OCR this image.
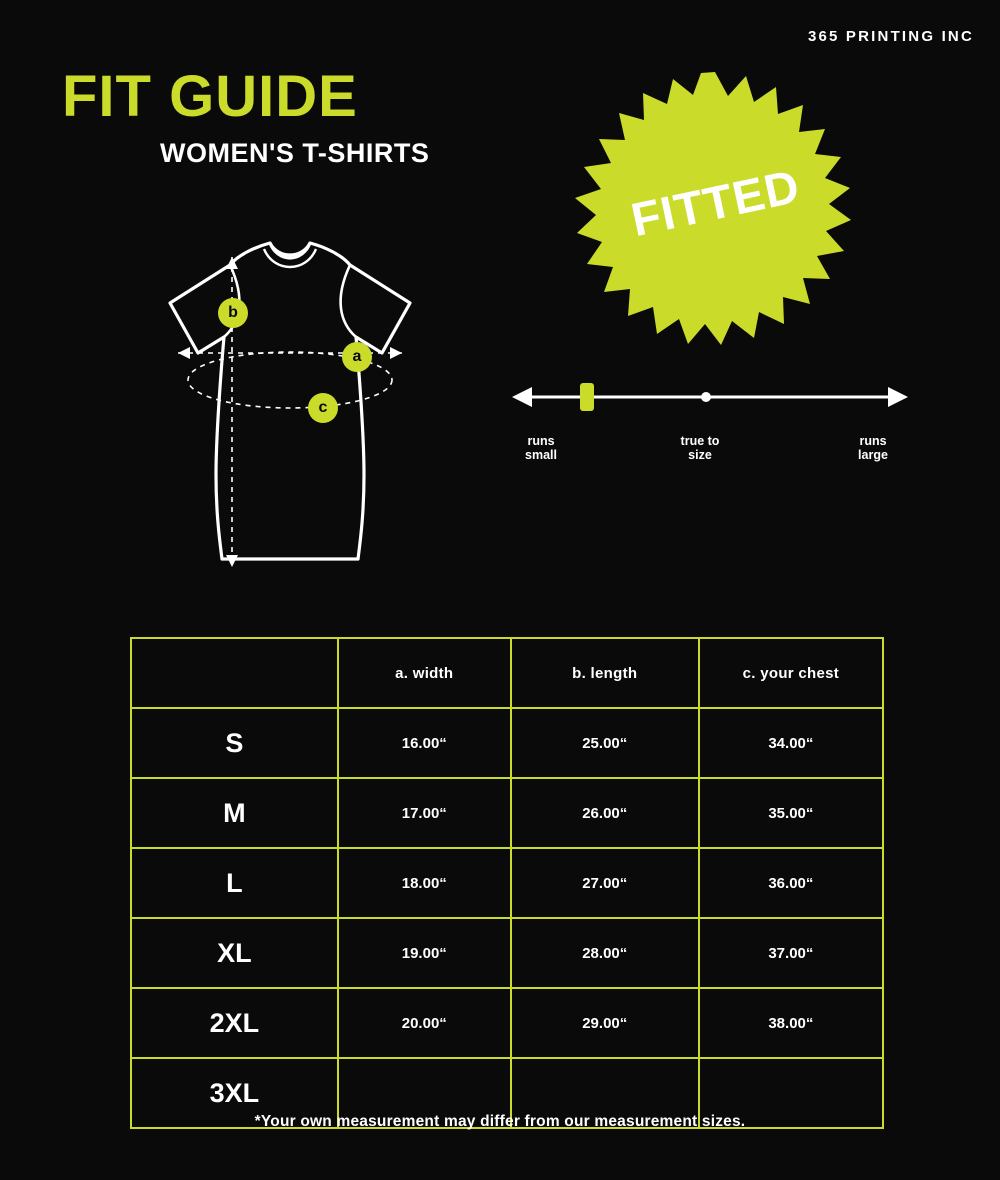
365 PRINTING INC
FIT GUIDE
WOMEN'S T-SHIRTS
a
b
c
FITTED
runs
small
true to
size
runs
large
	a. width	b. length	c. your chest
S	16.00“	25.00“	34.00“
M	17.00“	26.00“	35.00“
L	18.00“	27.00“	36.00“
XL	19.00“	28.00“	37.00“
2XL	20.00“	29.00“	38.00“
3XL			
*Your own measurement may differ from our measurement sizes.
